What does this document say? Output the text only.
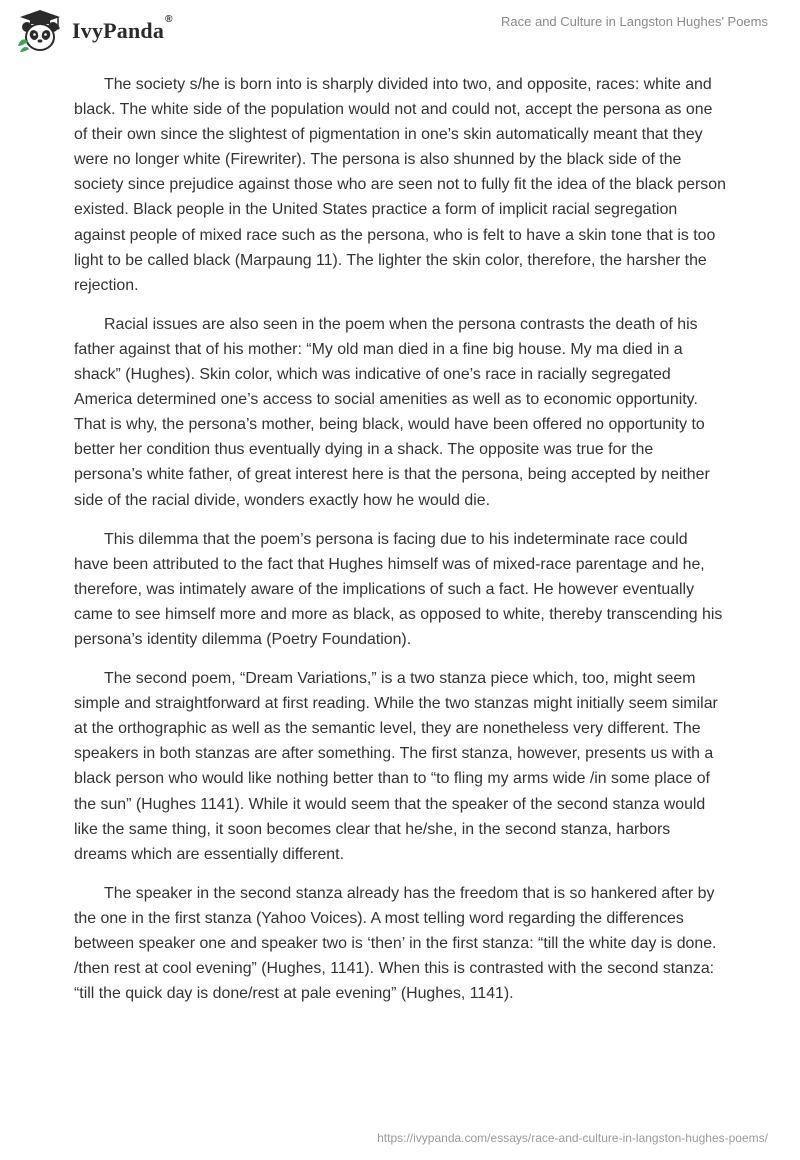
IvyPanda®	Race and Culture in Langston Hughes' Poems

The society s/he is born into is sharply divided into two, and opposite, races: white and black. The white side of the population would not and could not, accept the persona as one of their own since the slightest of pigmentation in one’s skin automatically meant that they were no longer white (Firewriter). The persona is also shunned by the black side of the society since prejudice against those who are seen not to fully fit the idea of the black person existed. Black people in the United States practice a form of implicit racial segregation against people of mixed race such as the persona, who is felt to have a skin tone that is too light to be called black (Marpaung 11). The lighter the skin color, therefore, the harsher the rejection.

Racial issues are also seen in the poem when the persona contrasts the death of his father against that of his mother: “My old man died in a fine big house. My ma died in a shack” (Hughes). Skin color, which was indicative of one’s race in racially segregated America determined one’s access to social amenities as well as to economic opportunity. That is why, the persona’s mother, being black, would have been offered no opportunity to better her condition thus eventually dying in a shack. The opposite was true for the persona’s white father, of great interest here is that the persona, being accepted by neither side of the racial divide, wonders exactly how he would die.

This dilemma that the poem’s persona is facing due to his indeterminate race could have been attributed to the fact that Hughes himself was of mixed-race parentage and he, therefore, was intimately aware of the implications of such a fact. He however eventually came to see himself more and more as black, as opposed to white, thereby transcending his persona’s identity dilemma (Poetry Foundation).

The second poem, “Dream Variations,” is a two stanza piece which, too, might seem simple and straightforward at first reading. While the two stanzas might initially seem similar at the orthographic as well as the semantic level, they are nonetheless very different. The speakers in both stanzas are after something. The first stanza, however, presents us with a black person who would like nothing better than to “to fling my arms wide /in some place of the sun” (Hughes 1141). While it would seem that the speaker of the second stanza would like the same thing, it soon becomes clear that he/she, in the second stanza, harbors dreams which are essentially different.

The speaker in the second stanza already has the freedom that is so hankered after by the one in the first stanza (Yahoo Voices). A most telling word regarding the differences between speaker one and speaker two is ‘then’ in the first stanza: “till the white day is done. /then rest at cool evening” (Hughes, 1141). When this is contrasted with the second stanza: “till the quick day is done/rest at pale evening” (Hughes, 1141).

https://ivypanda.com/essays/race-and-culture-in-langston-hughes-poems/
